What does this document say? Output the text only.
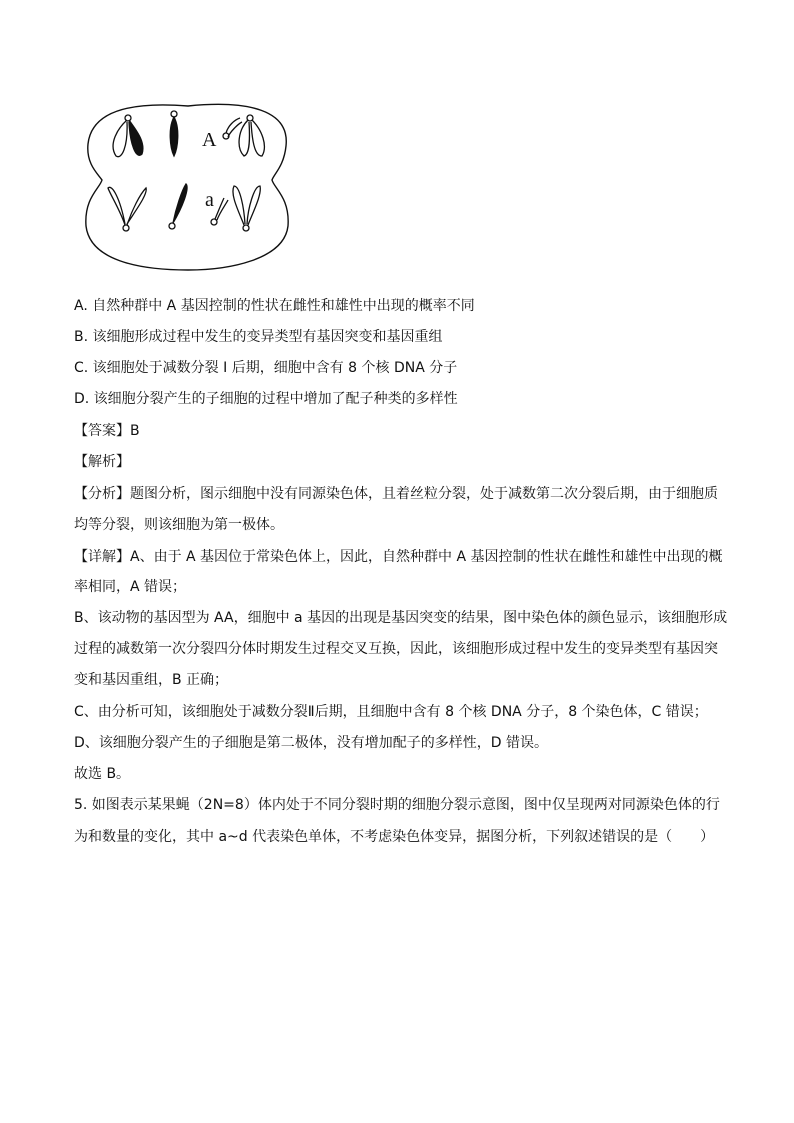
A
a
A. 自然种群中 A 基因控制的性状在雌性和雄性中出现的概率不同
B. 该细胞形成过程中发生的变异类型有基因突变和基因重组
C. 该细胞处于减数分裂 I 后期，细胞中含有 8 个核 DNA 分子
D. 该细胞分裂产生的子细胞的过程中增加了配子种类的多样性
【答案】B
【解析】
【分析】题图分析，图示细胞中没有同源染色体，且着丝粒分裂，处于减数第二次分裂后期，由于细胞质
均等分裂，则该细胞为第一极体。
【详解】A、由于 A 基因位于常染色体上，因此，自然种群中 A 基因控制的性状在雌性和雄性中出现的概
率相同，A 错误；
B、该动物的基因型为 AA，细胞中 a 基因的出现是基因突变的结果，图中染色体的颜色显示，该细胞形成
过程的减数第一次分裂四分体时期发生过程交叉互换，因此，该细胞形成过程中发生的变异类型有基因突
变和基因重组，B 正确；
C、由分析可知，该细胞处于减数分裂Ⅱ后期，且细胞中含有 8 个核 DNA 分子，8 个染色体，C 错误；
D、该细胞分裂产生的子细胞是第二极体，没有增加配子的多样性，D 错误。
故选 B。
5. 如图表示某果蝇（2N=8）体内处于不同分裂时期的细胞分裂示意图，图中仅呈现两对同源染色体的行
为和数量的变化，其中 a~d 代表染色单体，不考虑染色体变异，据图分析，下列叙述错误的是（　　）
